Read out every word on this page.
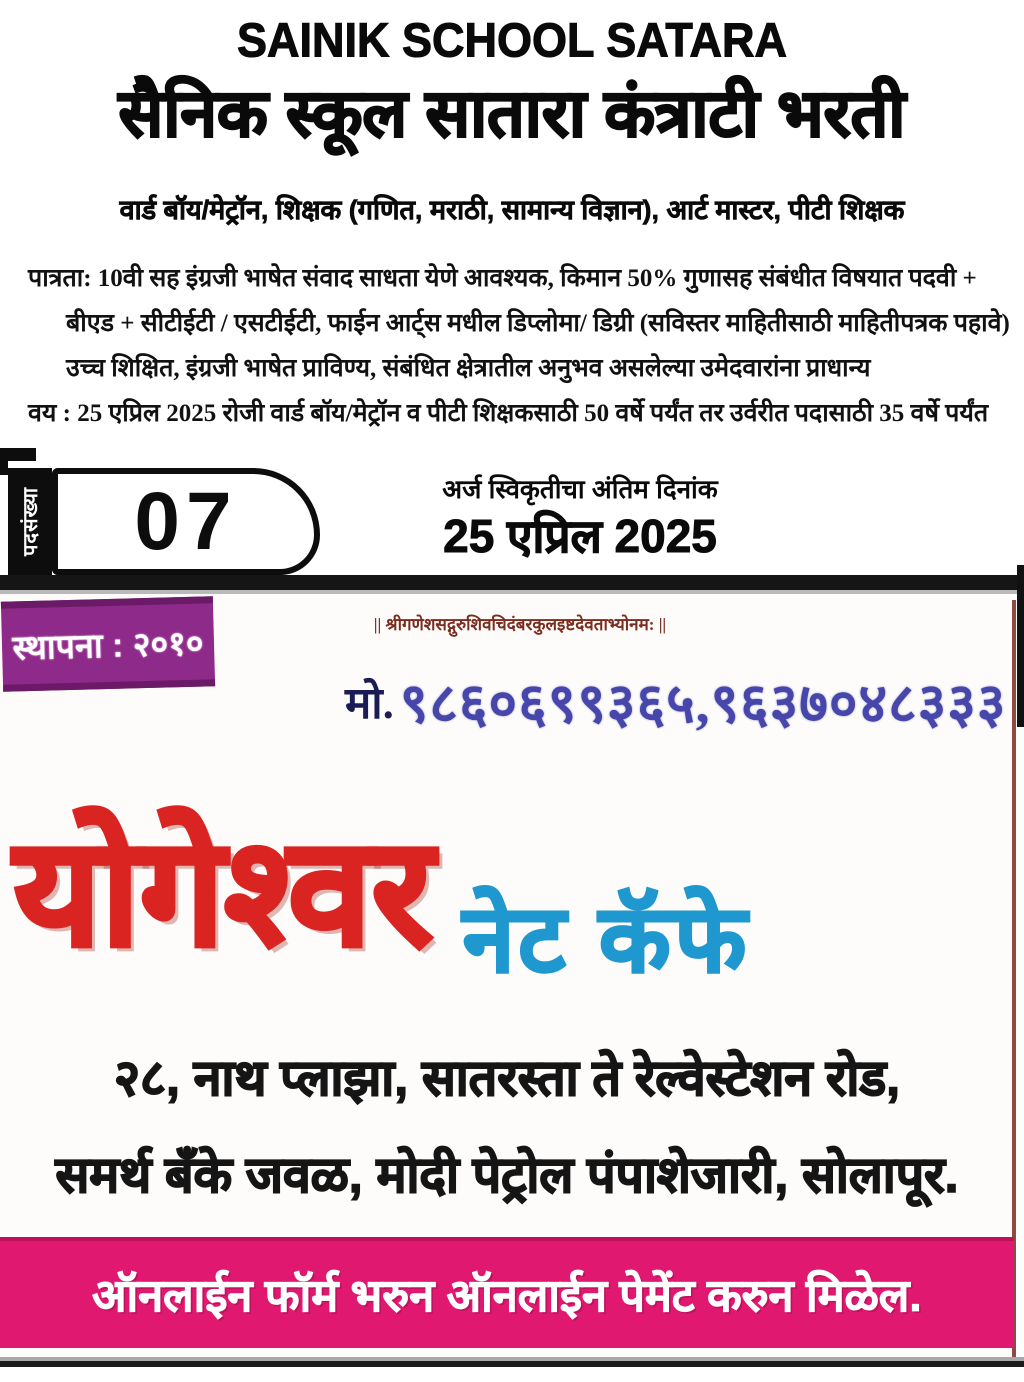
SAINIK SCHOOL SATARA
सैनिक स्कूल सातारा कंत्राटी भरती
वार्ड बॉय/मेट्रॉन, शिक्षक (गणित, मराठी, सामान्य विज्ञान), आर्ट मास्टर, पीटी शिक्षक
पात्रता: 10वी सह इंग्रजी भाषेत संवाद साधता येणे आवश्यक, किमान 50% गुणासह संबंधीत विषयात पदवी +
बीएड + सीटीईटी / एसटीईटी, फाईन आर्ट्स मधील डिप्लोमा/ डिग्री (सविस्तर माहितीसाठी माहितीपत्रक पहावे)
उच्च शिक्षित, इंग्रजी भाषेत प्राविण्य, संबंधित क्षेत्रातील अनुभव असलेल्या उमेदवारांना प्राधान्य
वय : 25 एप्रिल 2025 रोजी वार्ड बॉय/मेट्रॉन व पीटी शिक्षकसाठी 50 वर्षे पर्यंत तर उर्वरीत पदासाठी 35 वर्षे पर्यंत
पदसंख्या 07	अर्ज स्विकृतीचा अंतिम दिनांक
25 एप्रिल 2025
स्थापना : २०१०
|| श्रीगणेशसद्गुरुशिवचिदंबरकुलइष्टदेवताभ्योनम: ||
मो. ९८६०६९९३६५,९६३७०४८३३३
योगेश्वर नेट कॅफे
२८, नाथ प्लाझा, सातरस्ता ते रेल्वेस्टेशन रोड,
समर्थ बँके जवळ, मोदी पेट्रोल पंपाशेजारी, सोलापूर.
ऑनलाईन फॉर्म भरुन ऑनलाईन पेमेंट करुन मिळेल.
